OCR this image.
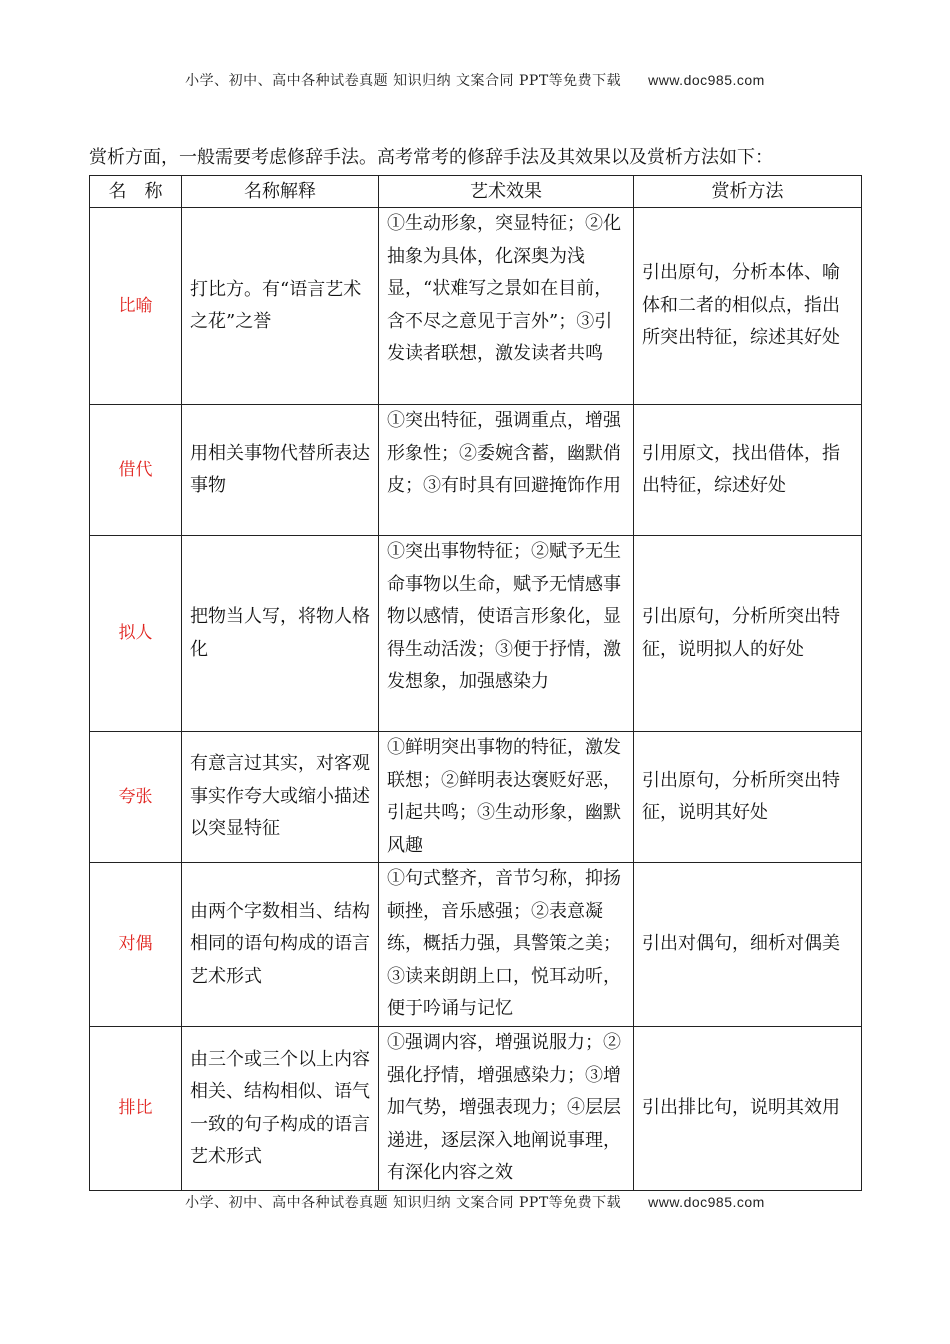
小学、初中、高中各种试卷真题 知识归纳 文案合同 PPT等免费下载 www.doc985.com
赏析方面，一般需要考虑修辞手法。高考常考的修辞手法及其效果以及赏析方法如下：
名　称	名称解释	艺术效果	赏析方法
比喻	打比方。有“语言艺术之花”之誉	①生动形象，突显特征；②化抽象为具体，化深奥为浅显，“状难写之景如在目前，含不尽之意见于言外”；③引发读者联想，激发读者共鸣	引出原句，分析本体、喻体和二者的相似点，指出所突出特征，综述其好处
借代	用相关事物代替所表达事物	①突出特征，强调重点，增强形象性；②委婉含蓄，幽默俏皮；③有时具有回避掩饰作用	引用原文，找出借体，指出特征，综述好处
拟人	把物当人写，将物人格化	①突出事物特征；②赋予无生命事物以生命，赋予无情感事物以感情，使语言形象化，显得生动活泼；③便于抒情，激发想象，加强感染力	引出原句，分析所突出特征，说明拟人的好处
夸张	有意言过其实，对客观事实作夸大或缩小描述以突显特征	①鲜明突出事物的特征，激发联想；②鲜明表达褒贬好恶，引起共鸣；③生动形象，幽默风趣	引出原句，分析所突出特征，说明其好处
对偶	由两个字数相当、结构相同的语句构成的语言艺术形式	①句式整齐，音节匀称，抑扬顿挫，音乐感强；②表意凝练，概括力强，具警策之美；③读来朗朗上口，悦耳动听，便于吟诵与记忆	引出对偶句，细析对偶美
排比	由三个或三个以上内容相关、结构相似、语气一致的句子构成的语言艺术形式	①强调内容，增强说服力；②强化抒情，增强感染力；③增加气势，增强表现力；④层层递进，逐层深入地阐说事理，有深化内容之效	引出排比句，说明其效用
小学、初中、高中各种试卷真题 知识归纳 文案合同 PPT等免费下载 www.doc985.com
